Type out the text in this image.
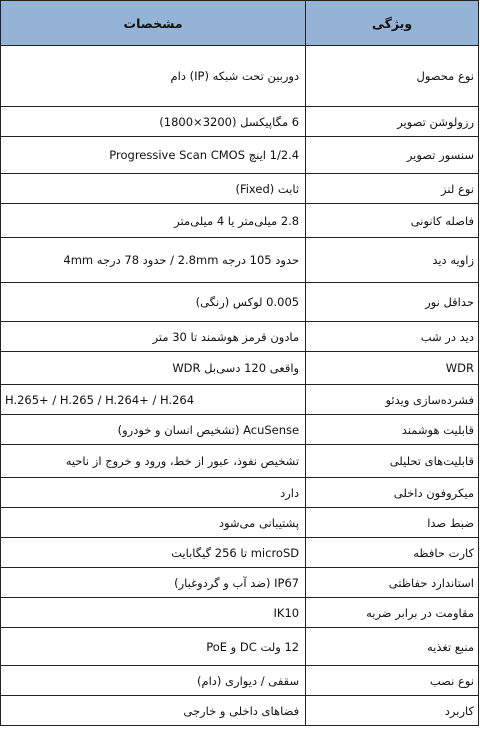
ویژگی	مشخصات
نوع محصول	دوربین تحت شبکه (IP) دام
رزولوشن تصویر	6 مگاپیکسل (3200×1800)
سنسور تصویر	1/2.4 اینچ Progressive Scan CMOS
نوع لنز	ثابت (Fixed)
فاصله کانونی	2.8 میلی‌متر یا 4 میلی‌متر
زاویه دید	حدود 105 درجه 2.8mm / حدود 78 درجه 4mm
حداقل نور	0.005 لوکس (رنگی)
دید در شب	مادون قرمز هوشمند تا 30 متر
WDR	واقعی 120 دسی‌بل WDR
فشرده‌سازی ویدئو	H.265+ / H.265 / H.264+ / H.264
قابلیت هوشمند	AcuSense (تشخیص انسان و خودرو)
قابلیت‌های تحلیلی	تشخیص نفوذ، عبور از خط، ورود و خروج از ناحیه
میکروفون داخلی	دارد
ضبط صدا	پشتیبانی می‌شود
کارت حافظه	microSD تا 256 گیگابایت
استاندارد حفاظتی	IP67 (ضد آب و گردوغبار)
مقاومت در برابر ضربه	IK10
منبع تغذیه	12 ولت DC و PoE
نوع نصب	سقفی / دیواری (دام)
کاربرد	فضاهای داخلی و خارجی
